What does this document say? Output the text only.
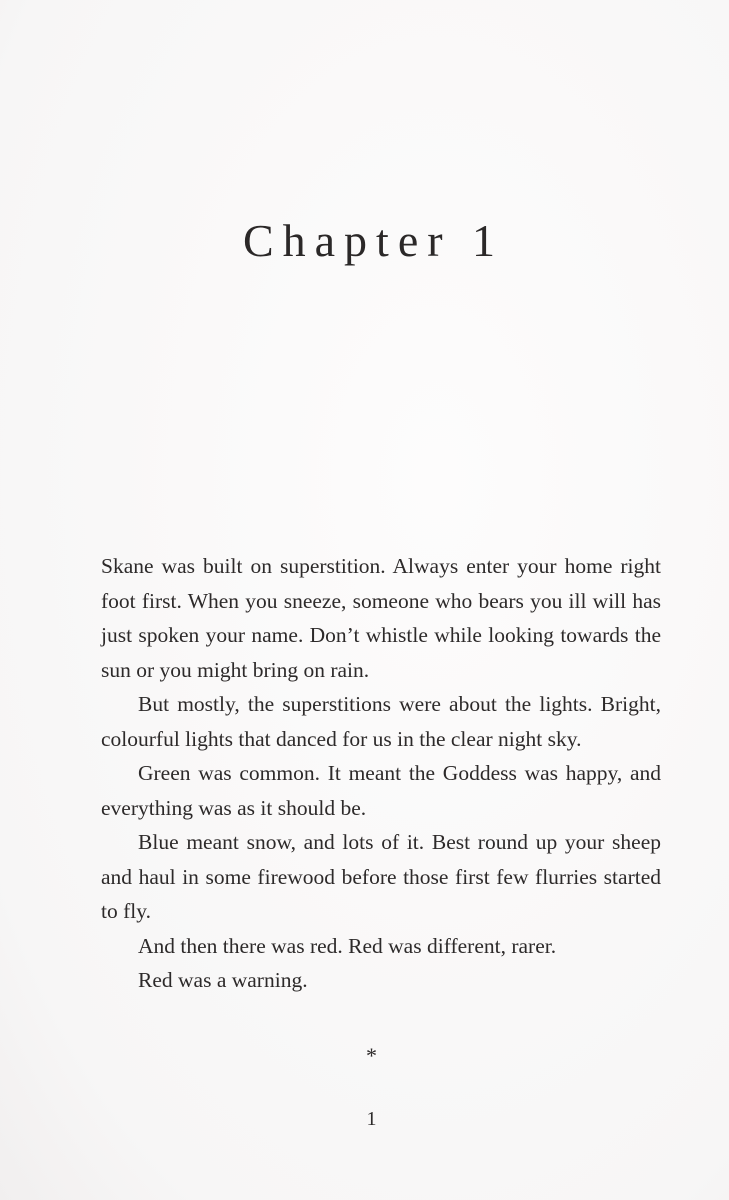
Chapter 1

Skane was built on superstition. Always enter your home right foot first. When you sneeze, someone who bears you ill will has just spoken your name. Don’t whistle while looking towards the sun or you might bring on rain.

But mostly, the superstitions were about the lights. Bright, colourful lights that danced for us in the clear night sky.

Green was common. It meant the Goddess was happy, and everything was as it should be.

Blue meant snow, and lots of it. Best round up your sheep and haul in some firewood before those first few flurries started to fly.

And then there was red. Red was different, rarer.

Red was a warning.

*
1
